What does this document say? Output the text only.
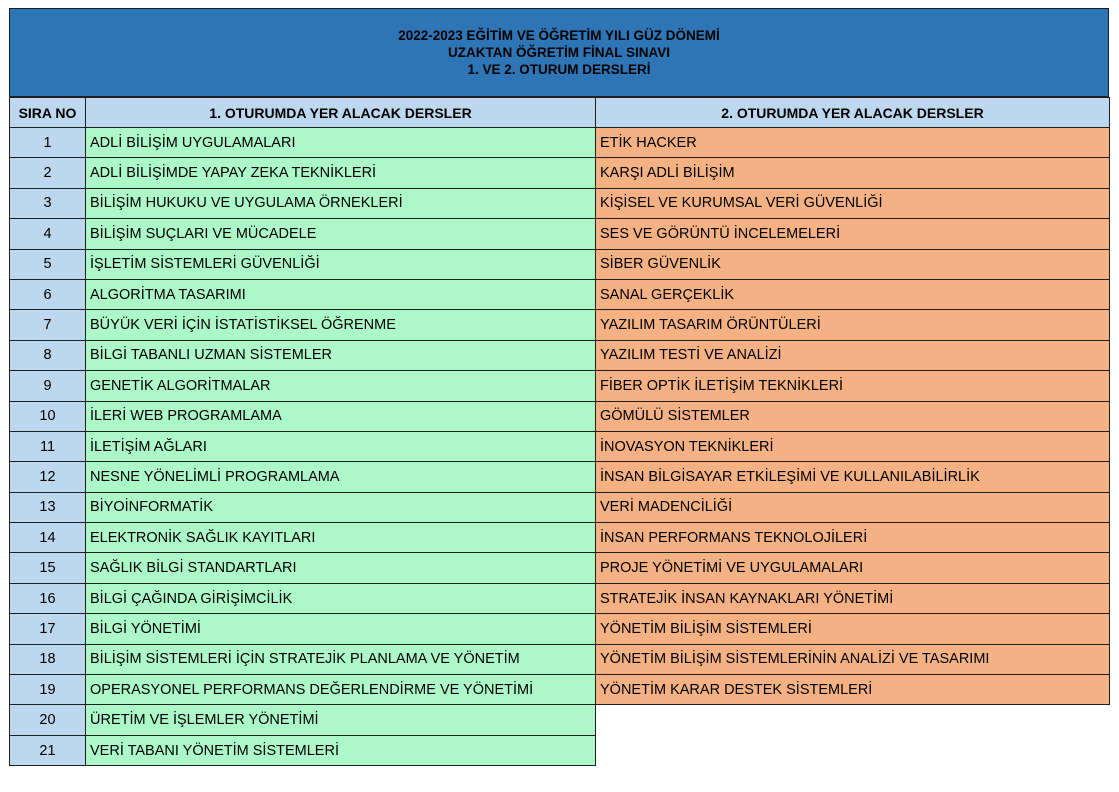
2022-2023 EĞİTİM VE ÖĞRETİM YILI GÜZ DÖNEMİ
UZAKTAN ÖĞRETİM FİNAL SINAVI
1. VE 2. OTURUM DERSLERİ
SIRA NO	1. OTURUMDA YER ALACAK DERSLER	2. OTURUMDA YER ALACAK DERSLER
1	ADLİ BİLİŞİM UYGULAMALARI	ETİK HACKER
2	ADLİ BİLİŞİMDE YAPAY ZEKA TEKNİKLERİ	KARŞI ADLİ BİLİŞİM
3	BİLİŞİM HUKUKU VE UYGULAMA ÖRNEKLERİ	KİŞİSEL VE KURUMSAL VERİ GÜVENLİĞİ
4	BİLİŞİM SUÇLARI VE MÜCADELE	SES VE GÖRÜNTÜ İNCELEMELERİ
5	İŞLETİM SİSTEMLERİ GÜVENLİĞİ	SİBER GÜVENLİK
6	ALGORİTMA TASARIMI	SANAL GERÇEKLİK
7	BÜYÜK VERİ İÇİN İSTATİSTİKSEL ÖĞRENME	YAZILIM TASARIM ÖRÜNTÜLERİ
8	BİLGİ TABANLI UZMAN SİSTEMLER	YAZILIM TESTİ VE ANALİZİ
9	GENETİK ALGORİTMALAR	FİBER OPTİK İLETİŞİM TEKNİKLERİ
10	İLERİ WEB PROGRAMLAMA	GÖMÜLÜ SİSTEMLER
11	İLETİŞİM AĞLARI	İNOVASYON TEKNİKLERİ
12	NESNE YÖNELİMLİ PROGRAMLAMA	İNSAN BİLGİSAYAR ETKİLEŞİMİ VE KULLANILABİLİRLİK
13	BİYOİNFORMATİK	VERİ MADENCİLİĞİ
14	ELEKTRONİK SAĞLIK KAYITLARI	İNSAN PERFORMANS TEKNOLOJİLERİ
15	SAĞLIK BİLGİ STANDARTLARI	PROJE YÖNETİMİ VE UYGULAMALARI
16	BİLGİ ÇAĞINDA GİRİŞİMCİLİK	STRATEJİK İNSAN KAYNAKLARI YÖNETİMİ
17	BİLGİ YÖNETİMİ	YÖNETİM BİLİŞİM SİSTEMLERİ
18	BİLİŞİM SİSTEMLERİ İÇİN STRATEJİK PLANLAMA VE YÖNETİM	YÖNETİM BİLİŞİM SİSTEMLERİNİN ANALİZİ VE TASARIMI
19	OPERASYONEL PERFORMANS DEĞERLENDİRME VE YÖNETİMİ	YÖNETİM KARAR DESTEK SİSTEMLERİ
20	ÜRETİM VE İŞLEMLER YÖNETİMİ	
21	VERİ TABANI YÖNETİM SİSTEMLERİ	
